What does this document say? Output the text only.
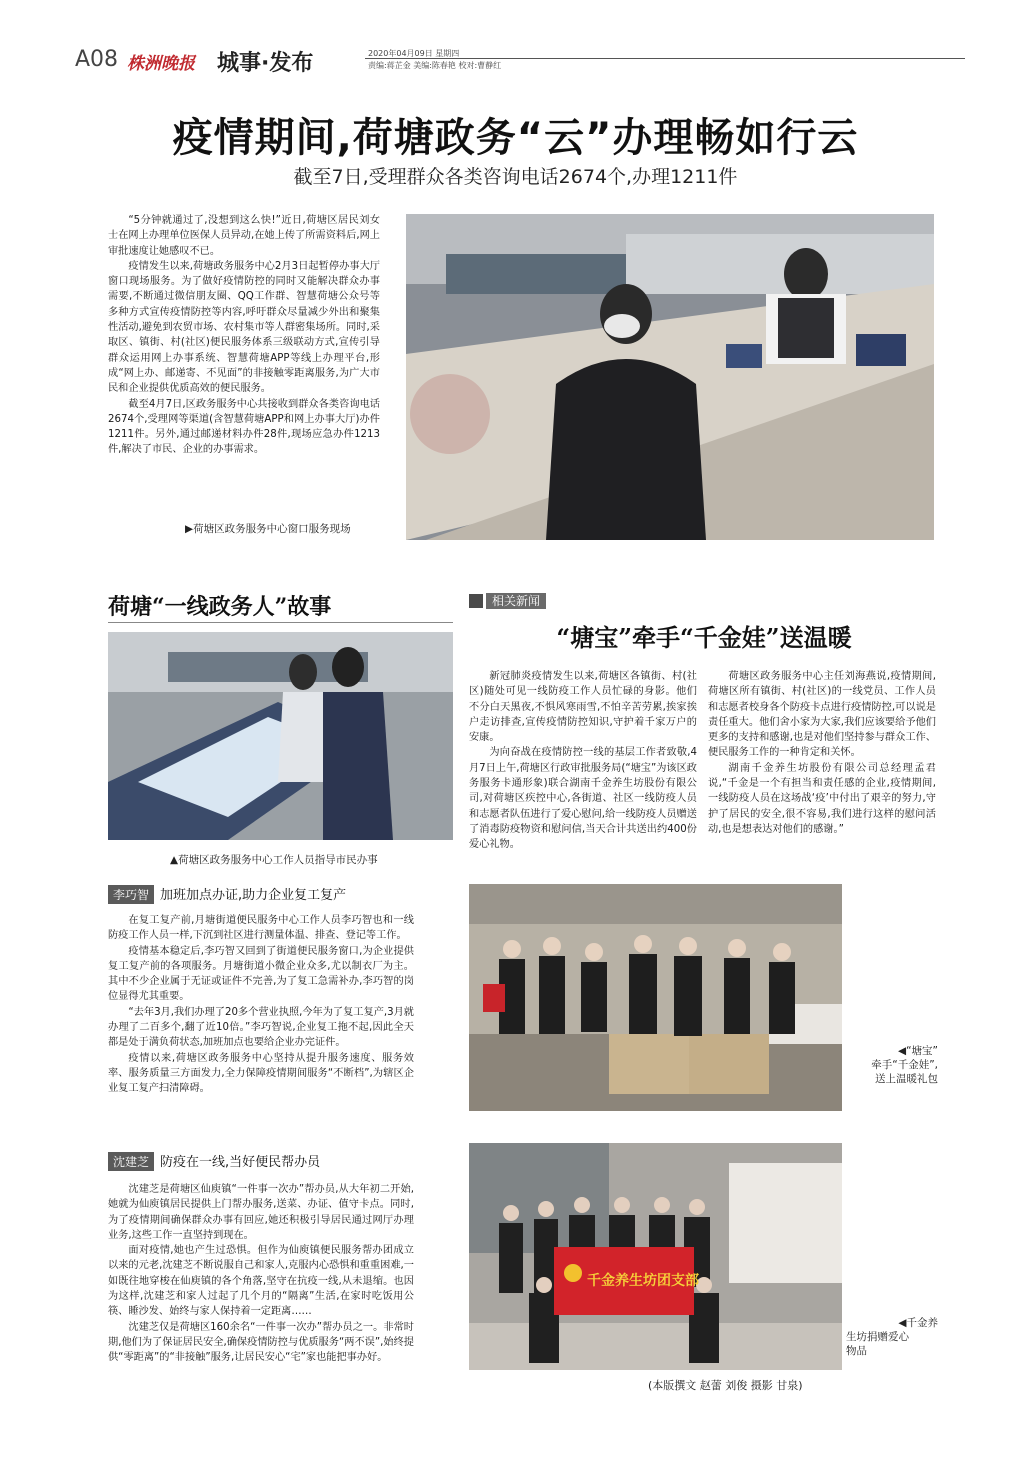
A08 株洲晚报 城事·发布	2020年04月09日 星期四
责编:蒋芷金 美编:陈春艳 校对:曹静红
疫情期间,荷塘政务“云”办理畅如行云
截至7日,受理群众各类咨询电话2674个,办理1211件

“5分钟就通过了,没想到这么快!”近日,荷塘区居民刘女士在网上办理单位医保人员异动,在她上传了所需资料后,网上审批速度让她感叹不已。

疫情发生以来,荷塘政务服务中心2月3日起暂停办事大厅窗口现场服务。为了做好疫情防控的同时又能解决群众办事需要,不断通过微信朋友圈、QQ工作群、智慧荷塘公众号等多种方式宣传疫情防控等内容,呼吁群众尽量减少外出和聚集性活动,避免到农贸市场、农村集市等人群密集场所。同时,采取区、镇街、村(社区)便民服务体系三级联动方式,宣传引导群众运用网上办事系统、智慧荷塘APP等线上办理平台,形成“网上办、邮递寄、不见面”的非接触零距离服务,为广大市民和企业提供优质高效的便民服务。

截至4月7日,区政务服务中心共接收到群众各类咨询电话2674个,受理网等渠道(含智慧荷塘APP和网上办事大厅)办件1211件。另外,通过邮递材料办件28件,现场应急办件1213件,解决了市民、企业的办事需求。

▶荷塘区政务服务中心窗口服务现场
荷塘“一线政务人”故事
▲荷塘区政务服务中心工作人员指导市民办事
李巧智 加班加点办证,助力企业复工复产

在复工复产前,月塘街道便民服务中心工作人员李巧智也和一线防疫工作人员一样,下沉到社区进行测量体温、排查、登记等工作。

疫情基本稳定后,李巧智又回到了街道便民服务窗口,为企业提供复工复产前的各项服务。月塘街道小微企业众多,尤以制衣厂为主。其中不少企业属于无证或证件不完善,为了复工急需补办,李巧智的岗位显得尤其重要。

“去年3月,我们办理了20多个营业执照,今年为了复工复产,3月就办理了二百多个,翻了近10倍。”李巧智说,企业复工拖不起,因此全天都是处于满负荷状态,加班加点也要给企业办完证件。

疫情以来,荷塘区政务服务中心坚持从提升服务速度、服务效率、服务质量三方面发力,全力保障疫情期间服务“不断档”,为辖区企业复工复产扫清障碍。

沈建芝 防疫在一线,当好便民帮办员

沈建芝是荷塘区仙庾镇“一件事一次办”帮办员,从大年初二开始,她就为仙庾镇居民提供上门帮办服务,送菜、办证、值守卡点。同时,为了疫情期间确保群众办事有回应,她还积极引导居民通过网厅办理业务,这些工作一直坚持到现在。

面对疫情,她也产生过恐惧。但作为仙庾镇便民服务帮办团成立以来的元老,沈建芝不断说服自己和家人,克服内心恐惧和重重困难,一如既往地穿梭在仙庾镇的各个角落,坚守在抗疫一线,从未退缩。也因为这样,沈建芝和家人过起了几个月的“隔离”生活,在家时吃饭用公筷、睡沙发、始终与家人保持着一定距离……

沈建芝仅是荷塘区160余名“一件事一次办”帮办员之一。非常时期,他们为了保证居民安全,确保疫情防控与优质服务“两不误”,始终提供“零距离”的“非接触”服务,让居民安心“宅”家也能把事办好。

相关新闻
“塘宝”牵手“千金娃”送温暖

新冠肺炎疫情发生以来,荷塘区各镇街、村(社区)随处可见一线防疫工作人员忙碌的身影。他们不分白天黑夜,不惧风寒雨雪,不怕辛苦劳累,挨家挨户走访排查,宣传疫情防控知识,守护着千家万户的安康。

为向奋战在疫情防控一线的基层工作者致敬,4月7日上午,荷塘区行政审批服务局(“塘宝”为该区政务服务卡通形象)联合湖南千金养生坊股份有限公司,对荷塘区疾控中心,各街道、社区一线防疫人员和志愿者队伍进行了爱心慰问,给一线防疫人员赠送了消毒防疫物资和慰问信,当天合计共送出约400份爱心礼物。

荷塘区政务服务中心主任刘海燕说,疫情期间,荷塘区所有镇街、村(社区)的一线党员、工作人员和志愿者校身各个防疫卡点进行疫情防控,可以说是责任重大。他们舍小家为大家,我们应该要给予他们更多的支持和感谢,也是对他们坚持参与群众工作、便民服务工作的一种肯定和关怀。

湖南千金养生坊股份有限公司总经理孟君说,“千金是一个有担当和责任感的企业,疫情期间,一线防疫人员在这场战‘疫’中付出了艰辛的努力,守护了居民的安全,很不容易,我们进行这样的慰问活动,也是想表达对他们的感谢。”

◀“塘宝”
牵手“千金娃”,
送上温暖礼包
千金养生坊团支部
◀千金养
生坊捐赠爱心
物品
(本版撰文 赵蕾 刘俊 摄影 甘泉)
